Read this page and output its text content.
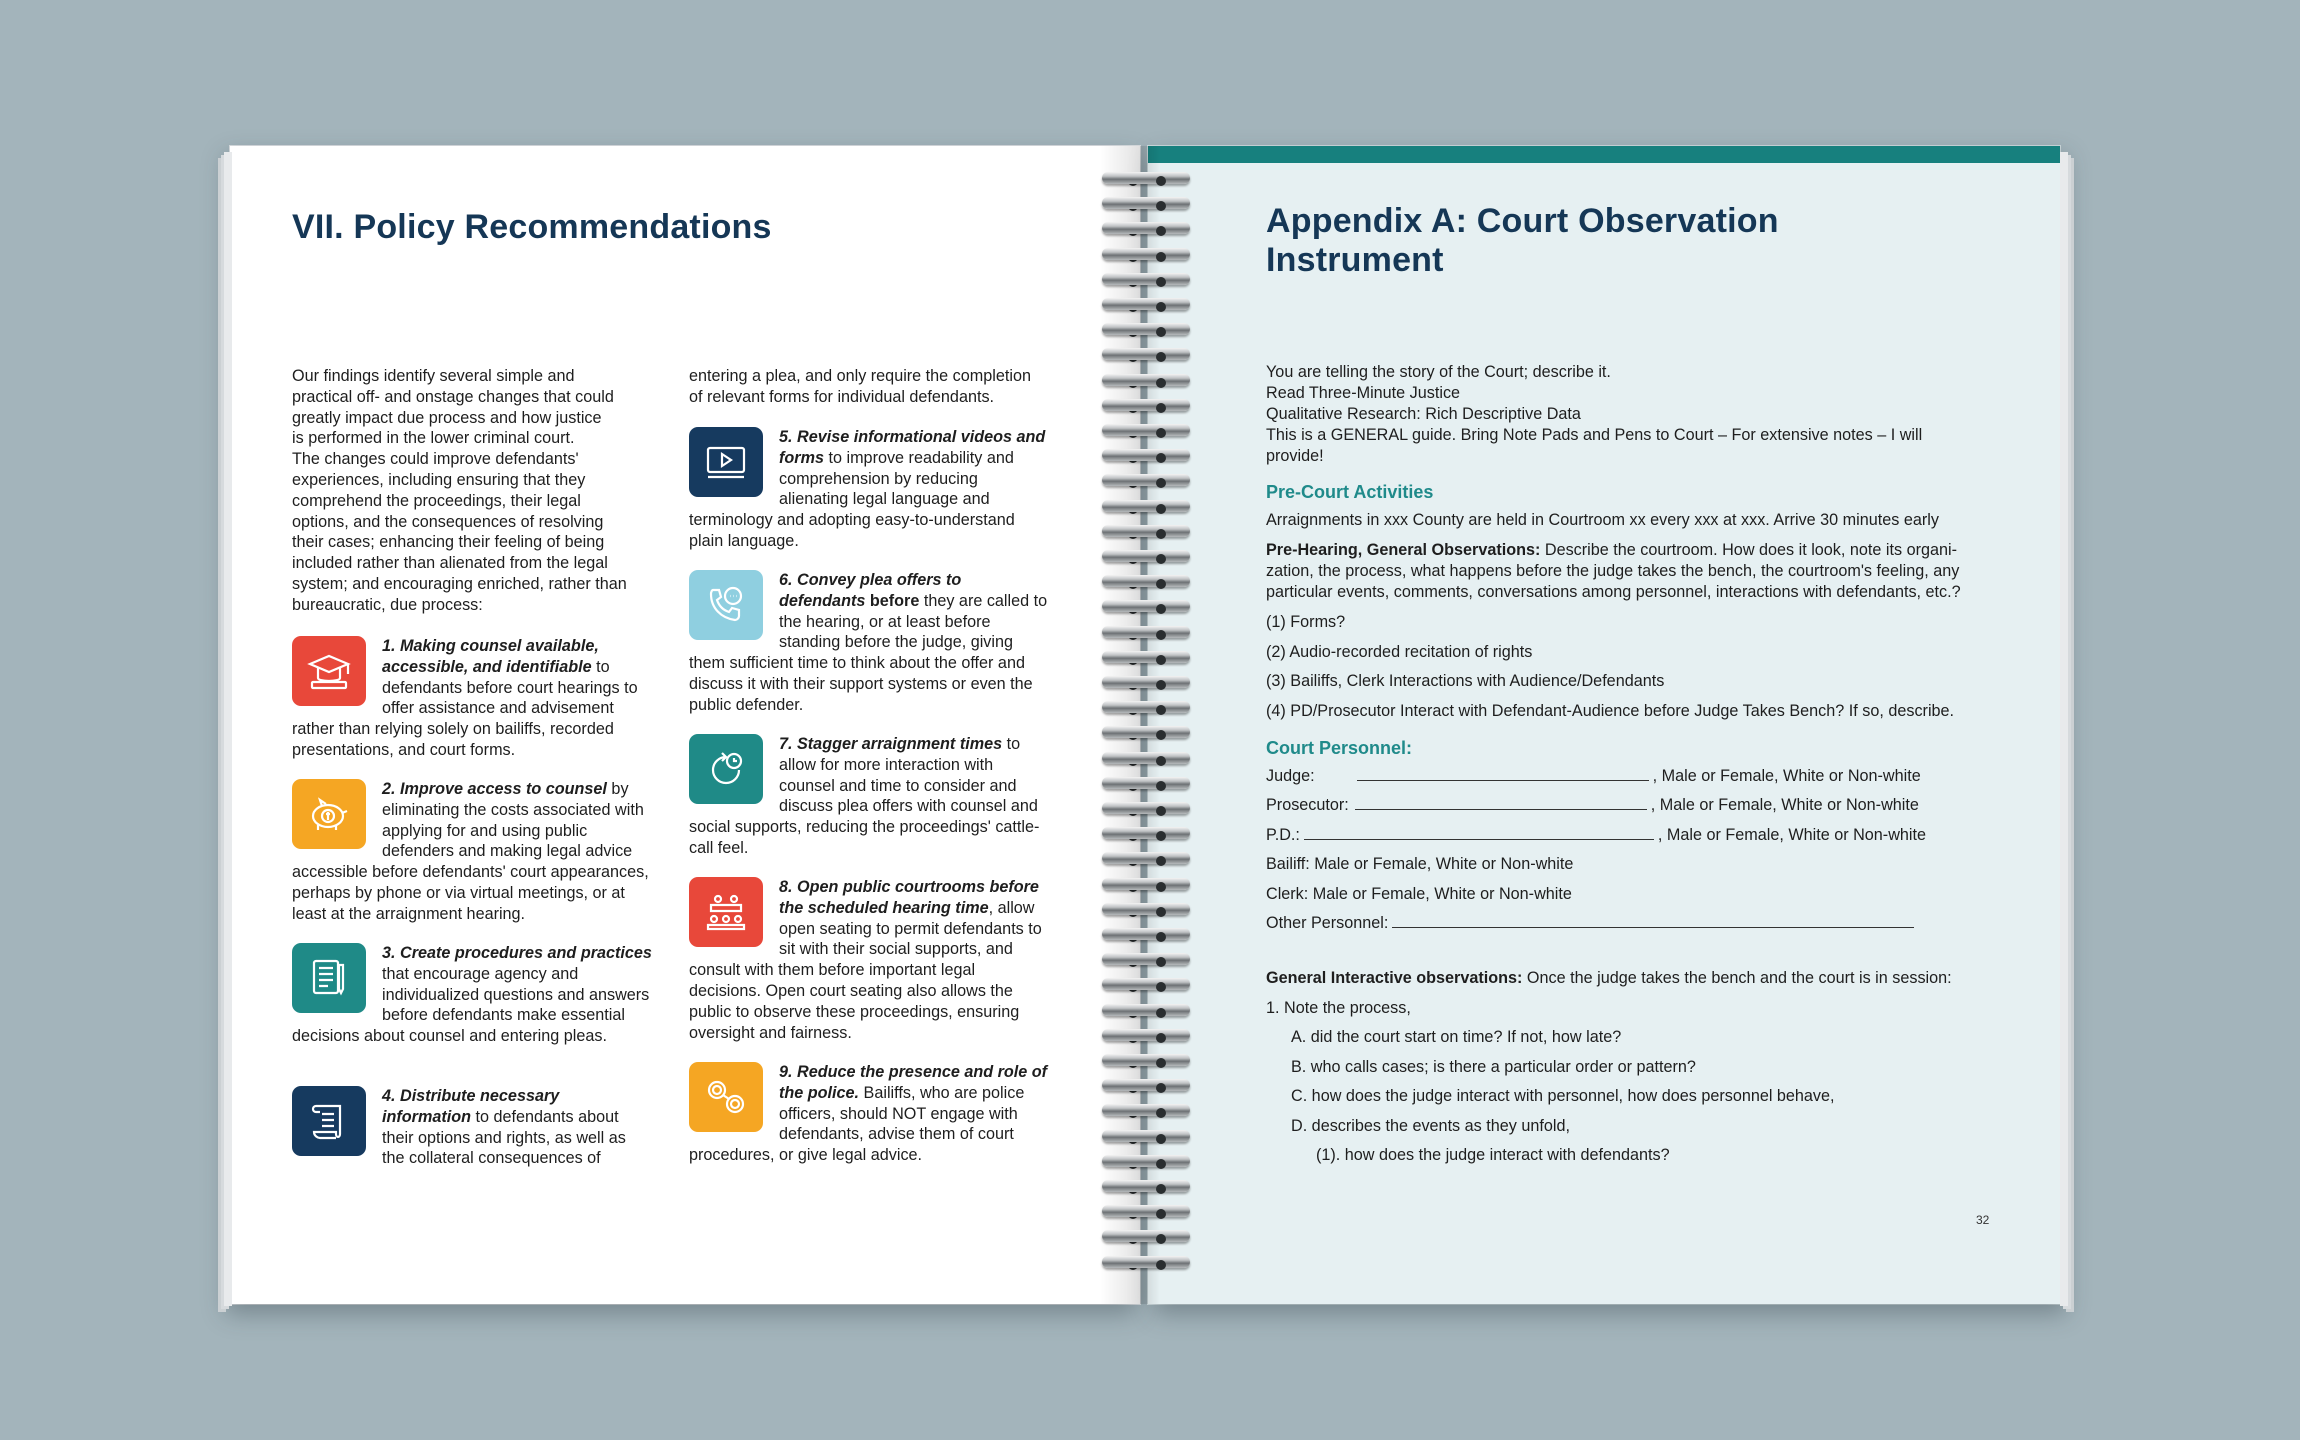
VII. Policy Recommendations
Our findings identify several simple and
practical off- and onstage changes that could
greatly impact due process and how justice
is performed in the lower criminal court.
The changes could improve defendants'
experiences, including ensuring that they
comprehend the proceedings, their legal
options, and the consequences of resolving
their cases; enhancing their feeling of being
included rather than alienated from the legal
system; and encouraging enriched, rather than
bureaucratic, due process:
entering a plea, and only require the completion
of relevant forms for individual defendants.
1. Making counsel available, accessible, and identifiable to defendants before court hearings to offer assistance and advisement rather than relying solely on bailiffs, recorded presentations, and court forms.
2. Improve access to counsel by eliminating the costs associated with applying for and using public defenders and making legal advice accessible before defendants' court appearances, perhaps by phone or via virtual meetings, or at least at the arraignment hearing.
3. Create procedures and practices that encourage agency and individualized questions and answers before defendants make essential decisions about counsel and entering pleas.
4. Distribute necessary information to defendants about their options and rights, as well as the collateral consequences of
5. Revise informational videos and forms to improve readability and comprehension by reducing alienating legal language and terminology and adopting easy-to-understand plain language.
6. Convey plea offers to defendants before they are called to the hearing, or at least before standing before the judge, giving them sufficient time to think about the offer and discuss it with their support systems or even the public defender.
7. Stagger arraignment times to allow for more interaction with counsel and time to consider and discuss plea offers with counsel and social supports, reducing the proceedings' cattle-call feel.
8. Open public courtrooms before the scheduled hearing time, allow open seating to permit defendants to sit with their social supports, and consult with them before important legal decisions. Open court seating also allows the public to observe these proceedings, ensuring oversight and fairness.
9. Reduce the presence and role of the police. Bailiffs, who are police officers, should NOT engage with defendants, advise them of court procedures, or give legal advice.
Appendix A: Court Observation
Instrument
You are telling the story of the Court; describe it.
Read Three-Minute Justice
Qualitative Research: Rich Descriptive Data
This is a GENERAL guide. Bring Note Pads and Pens to Court – For extensive notes – I will
provide!
Pre-Court Activities
Arraignments in xxx County are held in Courtroom xx every xxx at xxx. Arrive 30 minutes early
Pre-Hearing, General Observations: Describe the courtroom. How does it look, note its organi-
zation, the process, what happens before the judge takes the bench, the courtroom's feeling, any
particular events, comments, conversations among personnel, interactions with defendants, etc.?
(1) Forms?
(2) Audio-recorded recitation of rights
(3) Bailiffs, Clerk Interactions with Audience/Defendants
(4) PD/Prosecutor Interact with Defendant-Audience before Judge Takes Bench? If so, describe.
Court Personnel:
Judge:	, Male or Female, White or Non-white
Prosecutor:	, Male or Female, White or Non-white
P.D.:	, Male or Female, White or Non-white
Bailiff: Male or Female, White or Non-white
Clerk: Male or Female, White or Non-white
Other Personnel:
General Interactive observations: Once the judge takes the bench and the court is in session:
1. Note the process,
A. did the court start on time? If not, how late?
B. who calls cases; is there a particular order or pattern?
C. how does the judge interact with personnel, how does personnel behave,
D. describes the events as they unfold,
(1). how does the judge interact with defendants?
32
